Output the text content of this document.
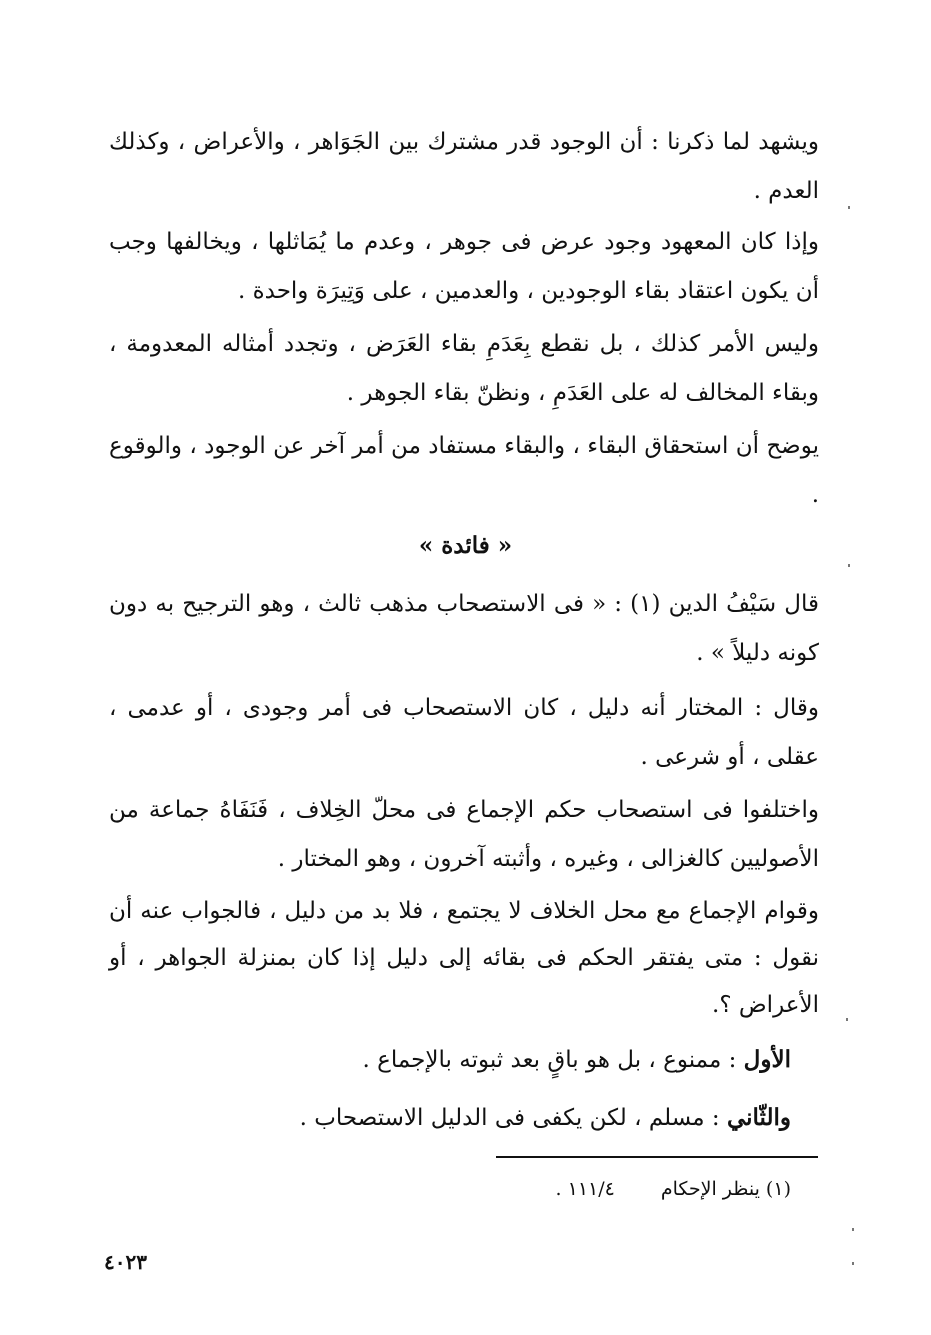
ويشهد لما ذكرنا : أن الوجود قدر مشترك بين الجَوَاهر ، والأعراض ، وكذلك العدم .

وإذا كان المعهود وجود عرض فى جوهر ، وعدم ما يُمَاثلها ، ويخالفها وجب أن يكون اعتقاد بقاء الوجودين ، والعدمين ، على وَتِيرَة واحدة .

وليس الأمر كذلك ، بل نقطع بِعَدَمِ بقاء العَرَض ، وتجدد أمثاله المعدومة ، وبقاء المخالف له على العَدَمِ ، ونظنّ بقاء الجوهر .

يوضح أن استحقاق البقاء ، والبقاء مستفاد من أمر آخر عن الوجود ، والوقوع .

« فائدة »

قال سَيْفُ الدين (١) : « فى الاستصحاب مذهب ثالث ، وهو الترجيح به دون كونه دليلاً » .

وقال : المختار أنه دليل ، كان الاستصحاب فى أمر وجودى ، أو عدمى ، عقلى ، أو شرعى .

واختلفوا فى استصحاب حكم الإجماع فى محلّ الخِلاف ، فَنَفَاهُ جماعة من الأصوليين كالغزالى ، وغيره ، وأثبته آخرون ، وهو المختار .

وقوام الإجماع مع محل الخلاف لا يجتمع ، فلا بد من دليل ، فالجواب عنه أن نقول : متى يفتقر الحكم فى بقائه إلى دليل إذا كان بمنزلة الجواهر ، أو الأعراض ؟.

الأول : ممنوع ، بل هو باقٍ بعد ثبوته بالإجماع .
والثّاني : مسلم ، لكن يكفى فى الدليل الاستصحاب .
(١) ينظر الإحكام١١١/٤ .
٤٠٢٣
